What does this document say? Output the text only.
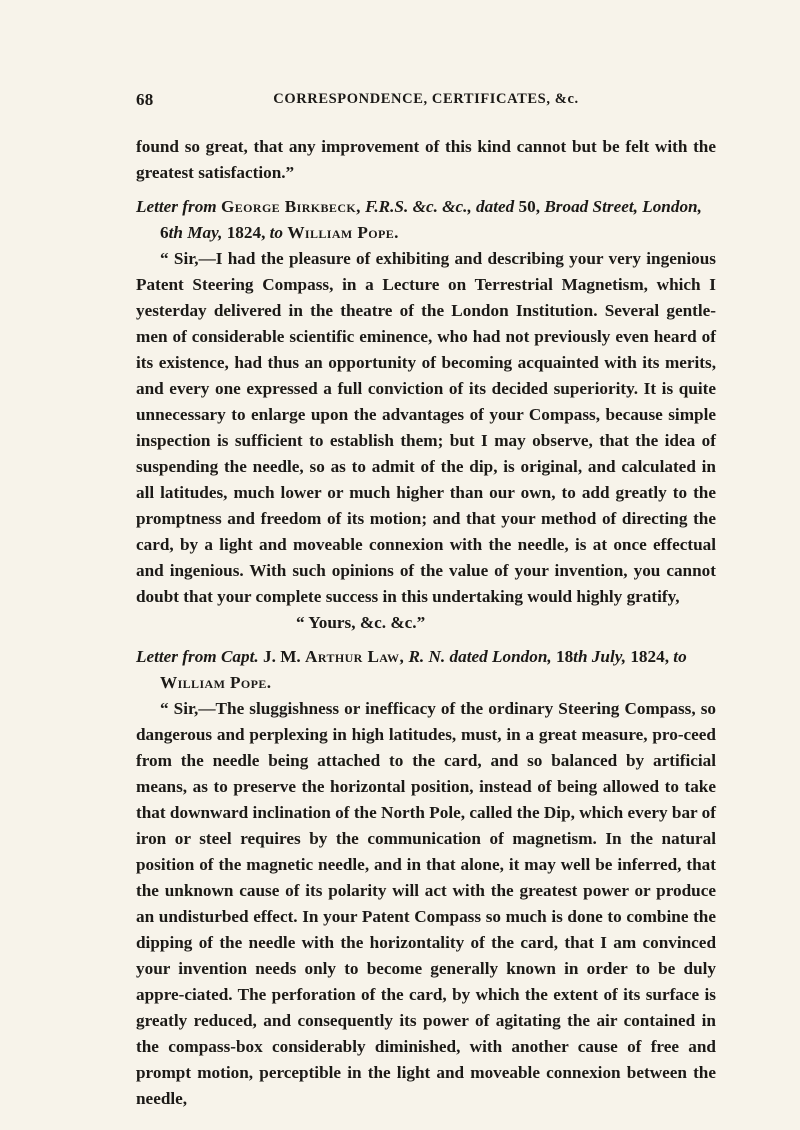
68	CORRESPONDENCE, CERTIFICATES, &c.

found so great, that any improvement of this kind cannot but be felt with the greatest satisfaction.”

Letter from George Birkbeck, F.R.S. &c. &c., dated 50, Broad Street, London, 6th May, 1824, to William Pope.

“ Sir,—I had the pleasure of exhibiting and describing your very ingenious Patent Steering Compass, in a Lecture on Terrestrial Magnetism, which I yesterday delivered in the theatre of the London Institution. Several gentle-men of considerable scientific eminence, who had not previously even heard of its existence, had thus an opportunity of becoming acquainted with its merits, and every one expressed a full conviction of its decided superiority. It is quite unnecessary to enlarge upon the advantages of your Compass, because simple inspection is sufficient to establish them; but I may observe, that the idea of suspending the needle, so as to admit of the dip, is original, and calculated in all latitudes, much lower or much higher than our own, to add greatly to the promptness and freedom of its motion; and that your method of directing the card, by a light and moveable connexion with the needle, is at once effectual and ingenious. With such opinions of the value of your invention, you cannot doubt that your complete success in this undertaking would highly gratify,

“ Yours, &c. &c.”

Letter from Capt. J. M. Arthur Law, R. N. dated London, 18th July, 1824, to William Pope.

“ Sir,—The sluggishness or inefficacy of the ordinary Steering Compass, so dangerous and perplexing in high latitudes, must, in a great measure, pro-ceed from the needle being attached to the card, and so balanced by artificial means, as to preserve the horizontal position, instead of being allowed to take that downward inclination of the North Pole, called the Dip, which every bar of iron or steel requires by the communication of magnetism. In the natural position of the magnetic needle, and in that alone, it may well be inferred, that the unknown cause of its polarity will act with the greatest power or produce an undisturbed effect. In your Patent Compass so much is done to combine the dipping of the needle with the horizontality of the card, that I am convinced your invention needs only to become generally known in order to be duly appre-ciated. The perforation of the card, by which the extent of its surface is greatly reduced, and consequently its power of agitating the air contained in the compass-box considerably diminished, with another cause of free and prompt motion, perceptible in the light and moveable connexion between the needle,
